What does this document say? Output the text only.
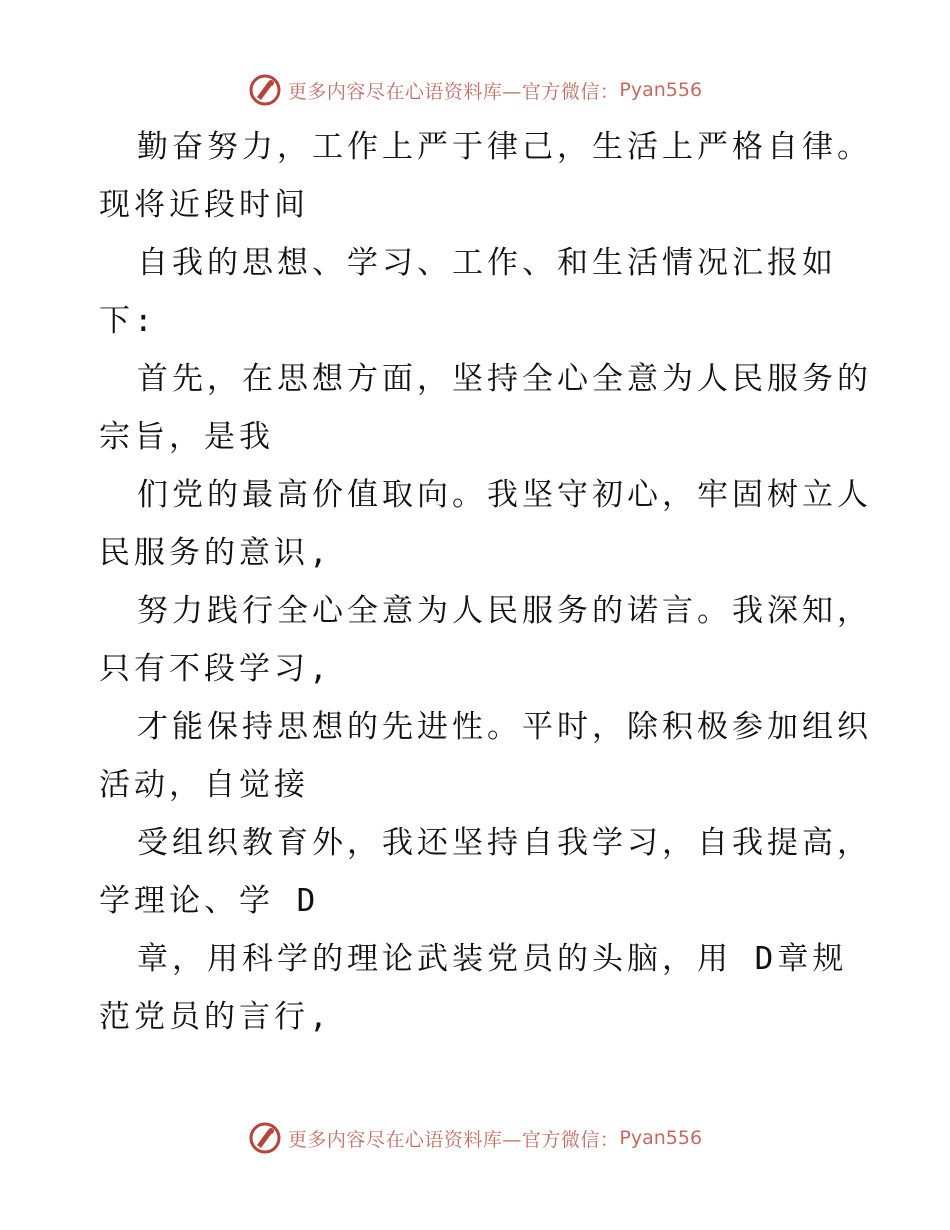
更多内容尽在心语资料库—官方微信： Pyan556
勤奋努力，工作上严于律己，生活上严格自律。
现将近段时间
自我的思想、学习、工作、和生活情况汇报如
下:
首先，在思想方面，坚持全心全意为人民服务的
宗旨，是我
们党的最高价值取向。我坚守初心，牢固树立人
民服务的意识,
努力践行全心全意为人民服务的诺言。我深知，
只有不段学习,
才能保持思想的先进性。平时，除积极参加组织
活动，自觉接
受组织教育外，我还坚持自我学习，自我提高，
学理论、学 D
章，用科学的理论武装党员的头脑，用 D章规
范党员的言行,
更多内容尽在心语资料库—官方微信： Pyan556
